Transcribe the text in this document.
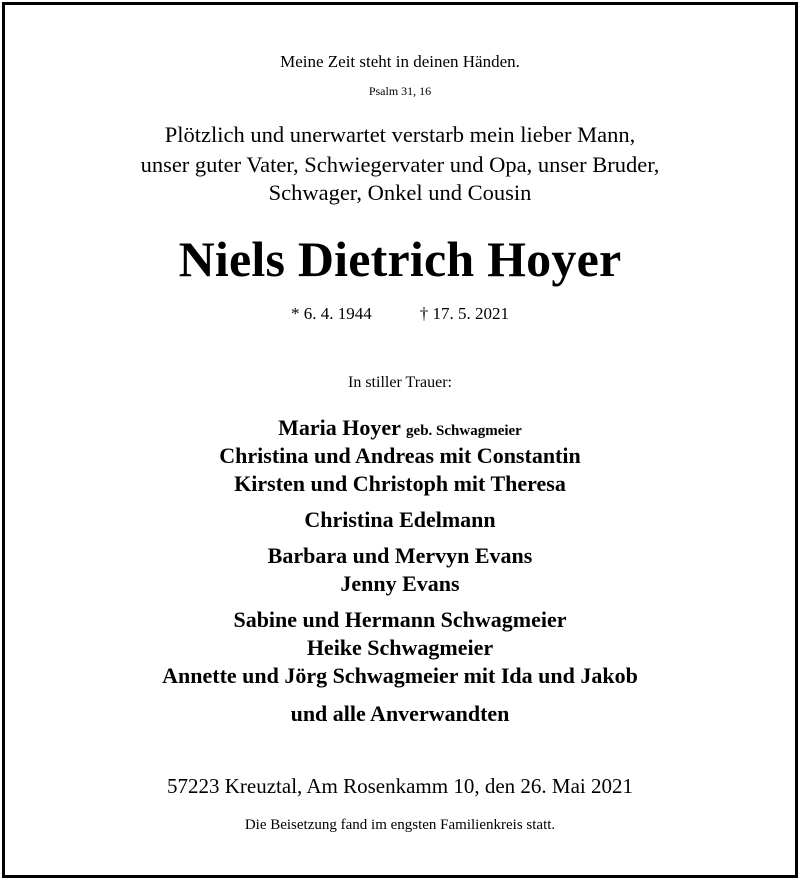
Meine Zeit steht in deinen Händen.
Psalm 31, 16
Plötzlich und unerwartet verstarb mein lieber Mann,
unser guter Vater, Schwiegervater und Opa, unser Bruder,
Schwager, Onkel und Cousin
Niels Dietrich Hoyer
* 6. 4. 1944	† 17. 5. 2021
In stiller Trauer:
Maria Hoyer geb. Schwagmeier
Christina und Andreas mit Constantin
Kirsten und Christoph mit Theresa
Christina Edelmann
Barbara und Mervyn Evans
Jenny Evans
Sabine und Hermann Schwagmeier
Heike Schwagmeier
Annette und Jörg Schwagmeier mit Ida und Jakob
und alle Anverwandten
57223 Kreuztal, Am Rosenkamm 10, den 26. Mai 2021
Die Beisetzung fand im engsten Familienkreis statt.
